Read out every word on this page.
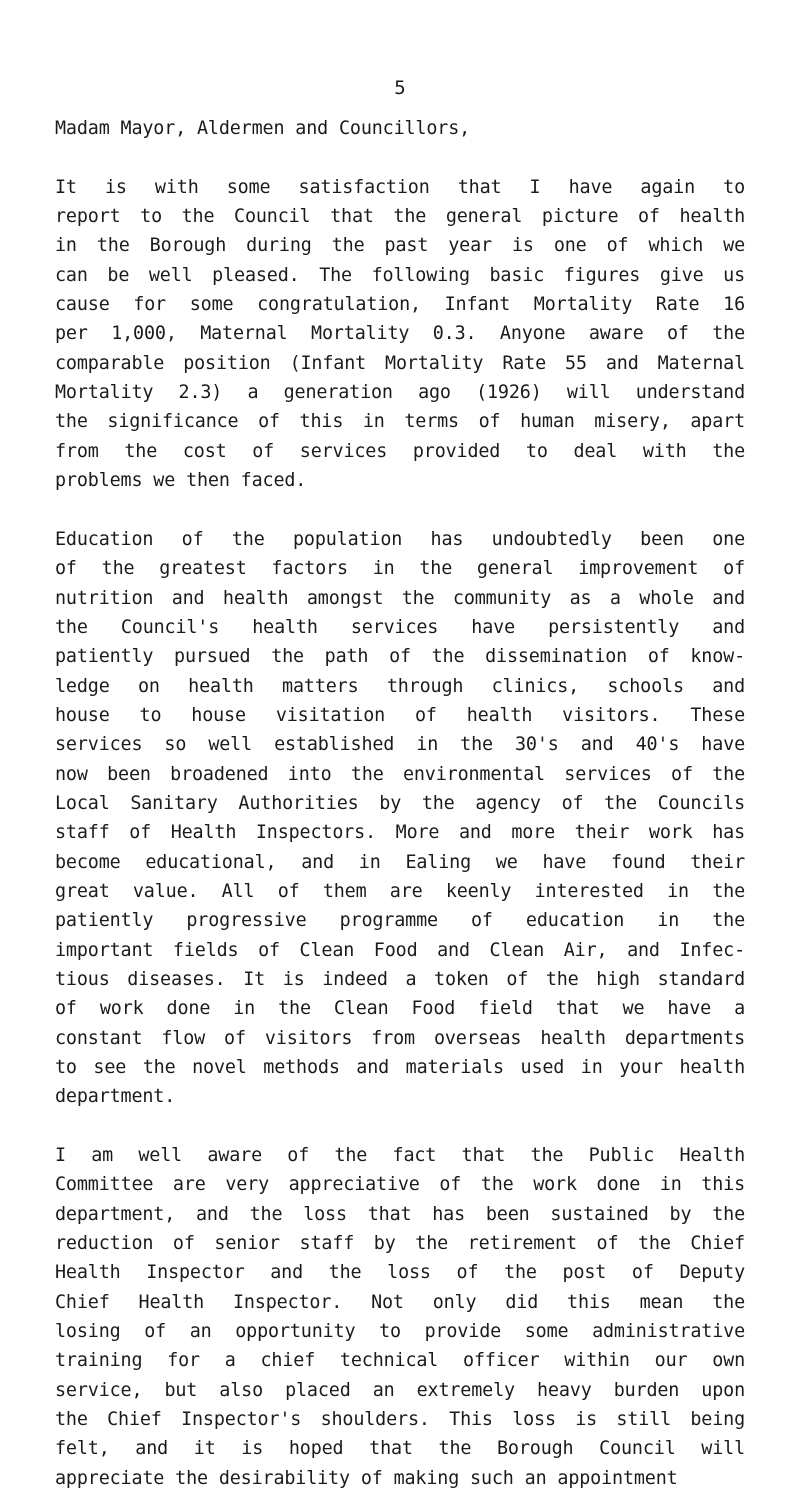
5
Madam Mayor, Aldermen and Councillors,
It is with some satisfaction that I have again to
report to the Council that the general picture of health
in the Borough during the past year is one of which we
can be well pleased. The following basic figures give us
cause for some congratulation, Infant Mortality Rate 16
per 1,000, Maternal Mortality 0.3. Anyone aware of the
comparable position (Infant Mortality Rate 55 and Maternal
Mortality 2.3) a generation ago (1926) will understand
the significance of this in terms of human misery, apart
from the cost of services provided to deal with the
problems we then faced.
Education of the population has undoubtedly been one
of the greatest factors in the general improvement of
nutrition and health amongst the community as a whole and
the Council's health services have persistently and
patiently pursued the path of the dissemination of know-
ledge on health matters through clinics, schools and
house to house visitation of health visitors. These
services so well established in the 30's and 40's have
now been broadened into the environmental services of the
Local Sanitary Authorities by the agency of the Councils
staff of Health Inspectors. More and more their work has
become educational, and in Ealing we have found their
great value. All of them are keenly interested in the
patiently progressive programme of education in the
important fields of Clean Food and Clean Air, and Infec-
tious diseases. It is indeed a token of the high standard
of work done in the Clean Food field that we have a
constant flow of visitors from overseas health departments
to see the novel methods and materials used in your health
department.
I am well aware of the fact that the Public Health
Committee are very appreciative of the work done in this
department, and the loss that has been sustained by the
reduction of senior staff by the retirement of the Chief
Health Inspector and the loss of the post of Deputy
Chief Health Inspector. Not only did this mean the
losing of an opportunity to provide some administrative
training for a chief technical officer within our own
service, but also placed an extremely heavy burden upon
the Chief Inspector's shoulders. This loss is still being
felt, and it is hoped that the Borough Council will
appreciate the desirability of making such an appointment
